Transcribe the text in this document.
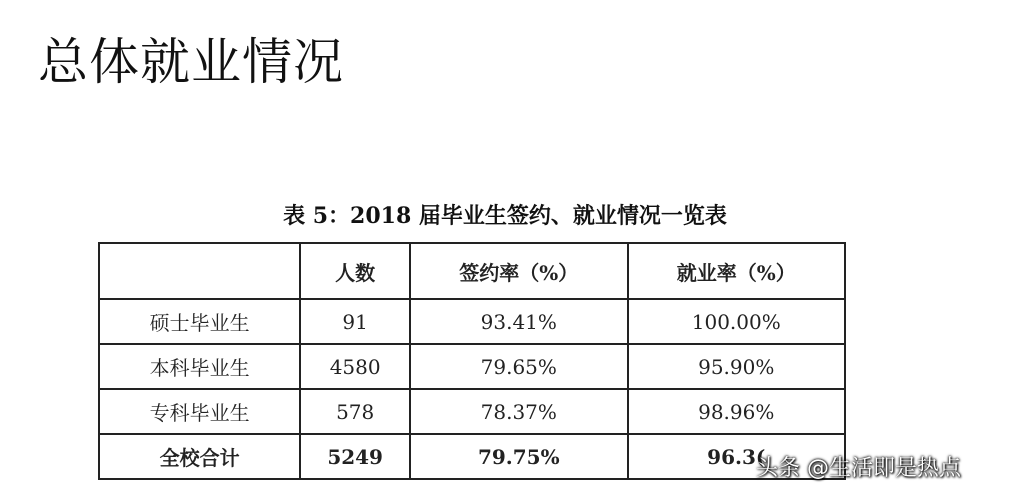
总体就业情况
表 5：2018 届毕业生签约、就业情况一览表
	人数	签约率（%）	就业率（%）
硕士毕业生	91	93.41%	100.00%
本科毕业生	4580	79.65%	95.90%
专科毕业生	578	78.37%	98.96%
全校合计	5249	79.75%	96.3(
头条 @生活即是热点
